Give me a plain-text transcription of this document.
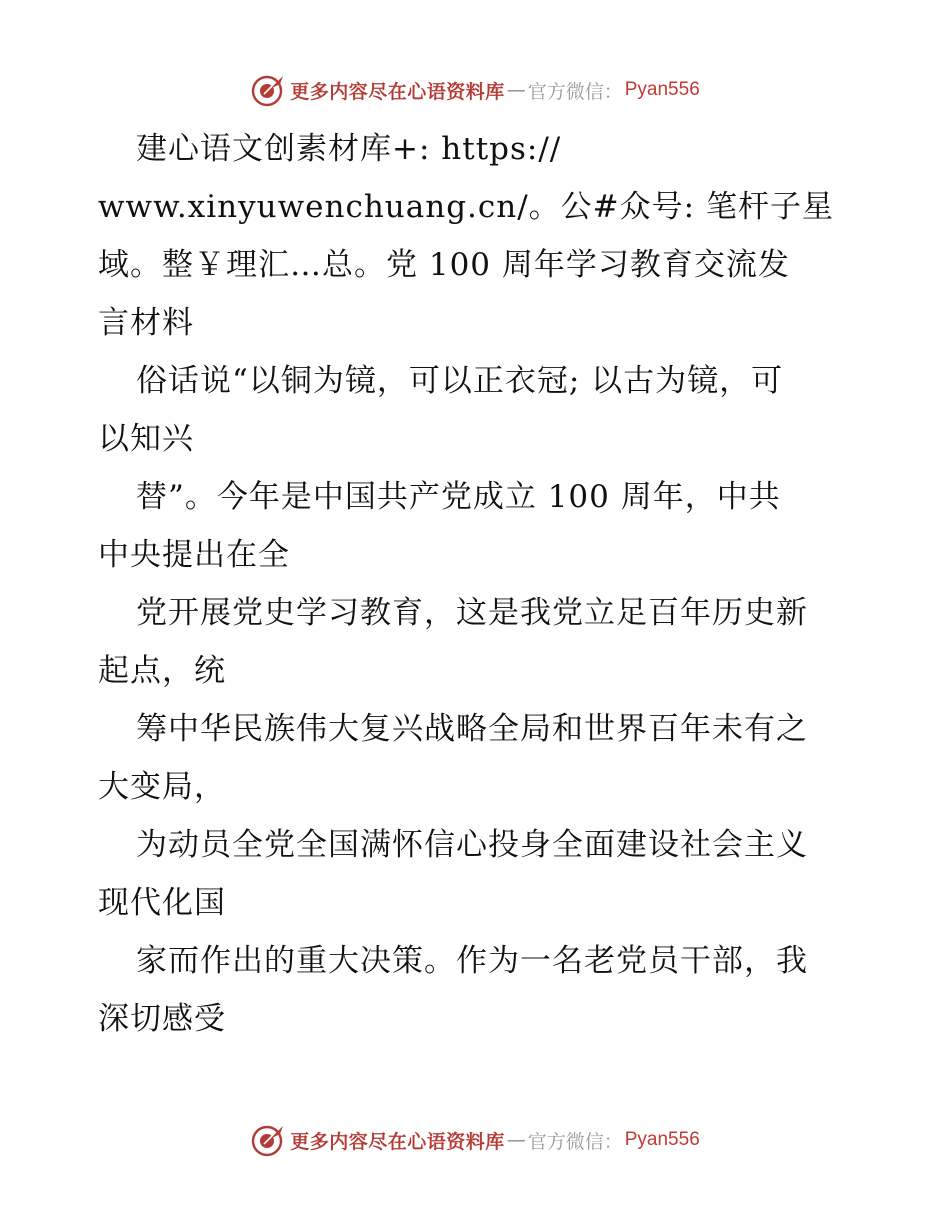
更多内容尽在心语资料库 — 官方微信： Pyan556
建心语文创素材库+: https://
www.xinyuwenchuang.cn/。公#众号: 笔杆子星
域。整￥理汇…总。党 100 周年学习教育交流发
言材料
俗话说“以铜为镜，可以正衣冠; 以古为镜，可
以知兴
替”。今年是中国共产党成立 100 周年，中共
中央提出在全
党开展党史学习教育，这是我党立足百年历史新
起点，统
筹中华民族伟大复兴战略全局和世界百年未有之
大变局，
为动员全党全国满怀信心投身全面建设社会主义
现代化国
家而作出的重大决策。作为一名老党员干部，我
深切感受
更多内容尽在心语资料库 — 官方微信： Pyan556
